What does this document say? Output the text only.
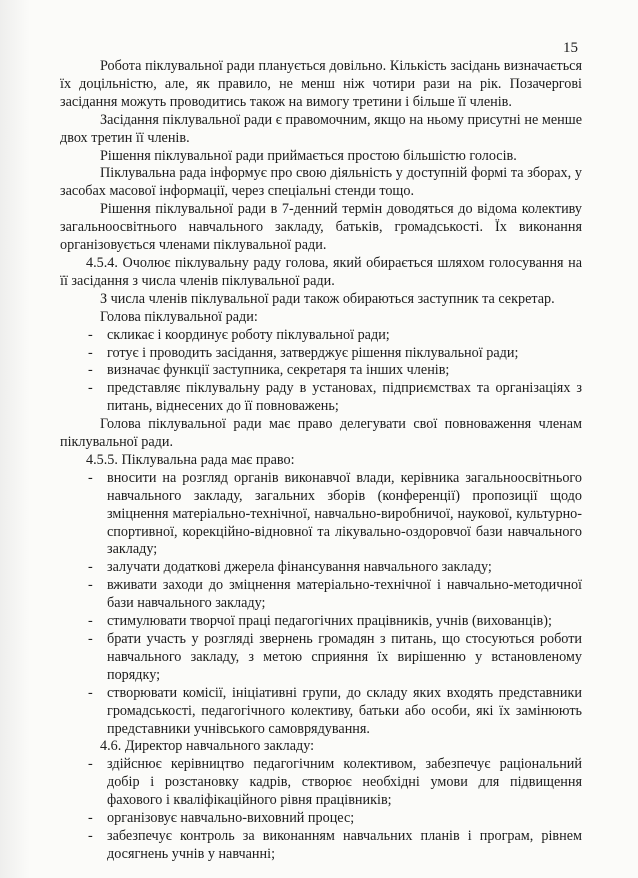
15

Робота піклувальної ради планується довільно. Кількість засідань визначається їх доцільністю, але, як правило, не менш ніж чотири рази на рік. Позачергові засідання можуть проводитись також на вимогу третини і більше її членів.

Засідання піклувальної ради є правомочним, якщо на ньому присутні не менше двох третин її членів.

Рішення піклувальної ради приймається простою більшістю голосів.

Піклувальна рада інформує про свою діяльність у доступній формі та зборах, у засобах масової інформації, через спеціальні стенди тощо.

Рішення піклувальної ради в 7-денний термін доводяться до відома колективу загальноосвітнього навчального закладу, батьків, громадськості. Їх виконання організовується членами піклувальної ради.

4.5.4. Очолює піклувальну раду голова, який обирається шляхом голосування на її засідання з числа членів піклувальної ради.

З числа членів піклувальної ради також обираються заступник та секретар.

Голова піклувальної ради:

- скликає і координує роботу піклувальної ради;
- готує і проводить засідання, затверджує рішення піклувальної ради;
- визначає функції заступника, секретаря та інших членів;
- представляє піклувальну раду в установах, підприємствах та організаціях з питань, віднесених до її повноважень;

Голова піклувальної ради має право делегувати свої повноваження членам піклувальної ради.

4.5.5. Піклувальна рада має право:

- вносити на розгляд органів виконавчої влади, керівника загальноосвітнього навчального закладу, загальних зборів (конференції) пропозиції щодо зміцнення матеріально-технічної, навчально-виробничої, наукової, культурно-спортивної, корекційно-відновної та лікувально-оздоровчої бази навчального закладу;
- залучати додаткові джерела фінансування навчального закладу;
- вживати заходи до зміцнення матеріально-технічної і навчально-методичної бази навчального закладу;
- стимулювати творчої праці педагогічних працівників, учнів (вихованців);
- брати участь у розгляді звернень громадян з питань, що стосуються роботи навчального закладу, з метою сприяння їх вирішенню у встановленому порядку;
- створювати комісії, ініціативні групи, до складу яких входять представники громадськості, педагогічного колективу, батьки або особи, які їх замінюють представники учнівського самоврядування.

4.6. Директор навчального закладу:

- здійснює керівництво педагогічним колективом, забезпечує раціональний добір і розстановку кадрів, створює необхідні умови для підвищення фахового і кваліфікаційного рівня працівників;
- організовує навчально-виховний процес;
- забезпечує контроль за виконанням навчальних планів і програм, рівнем досягнень учнів у навчанні;
